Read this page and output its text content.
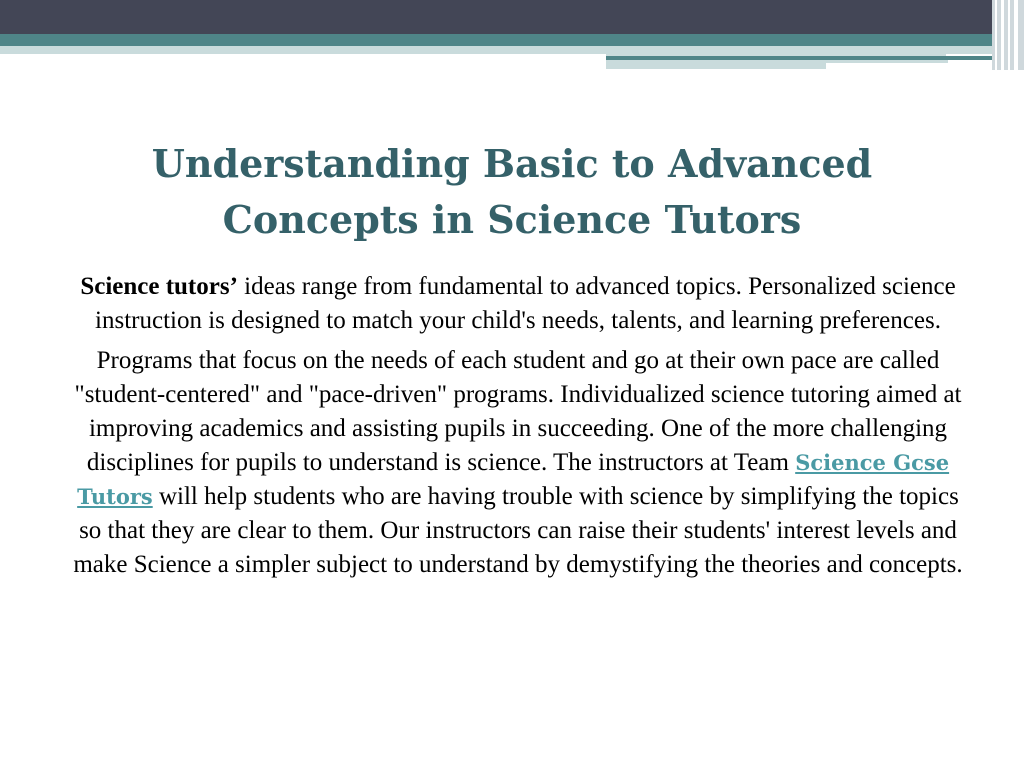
Understanding Basic to Advanced
Concepts in Science Tutors

Science tutors’ ideas range from fundamental to advanced topics. Personalized science instruction is designed to match your child's needs, talents, and learning preferences.

Programs that focus on the needs of each student and go at their own pace are called "student-centered" and "pace-driven" programs. Individualized science tutoring aimed at improving academics and assisting pupils in succeeding. One of the more challenging disciplines for pupils to understand is science. The instructors at Team Science Gcse Tutors will help students who are having trouble with science by simplifying the topics so that they are clear to them. Our instructors can raise their students' interest levels and make Science a simpler subject to understand by demystifying the theories and concepts.
